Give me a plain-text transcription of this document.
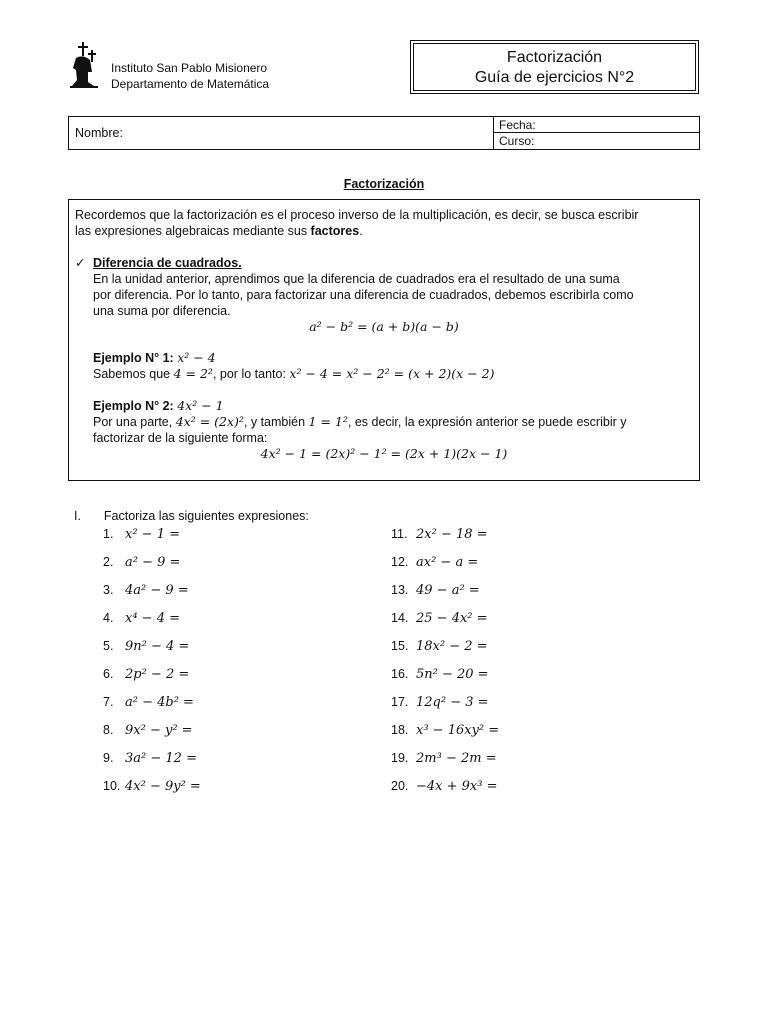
Instituto San Pablo Misionero
Departamento de Matemática
Factorización
Guía de ejercicios N°2
Nombre:
Fecha:
Curso:
Factorización
Recordemos que la factorización es el proceso inverso de la multiplicación, es decir, se busca escribir
las expresiones algebraicas mediante sus factores.
✓ Diferencia de cuadrados.
En la unidad anterior, aprendimos que la diferencia de cuadrados era el resultado de una suma
por diferencia. Por lo tanto, para factorizar una diferencia de cuadrados, debemos escribirla como
una suma por diferencia.
a² − b² = (a + b)(a − b)
Ejemplo N° 1: x² − 4
Sabemos que 4 = 2², por lo tanto: x² − 4 = x² − 2² = (x + 2)(x − 2)
Ejemplo N° 2: 4x² − 1
Por una parte, 4x² = (2x)², y también 1 = 1², es decir, la expresión anterior se puede escribir y
factorizar de la siguiente forma:
4x² − 1 = (2x)² − 1² = (2x + 1)(2x − 1)
I. Factoriza las siguientes expresiones:
1. x² − 1 =
2. a² − 9 =
3. 4a² − 9 =
4. x⁴ − 4 =
5. 9n² − 4 =
6. 2p² − 2 =
7. a² − 4b² =
8. 9x² − y² =
9. 3a² − 12 =
10. 4x² − 9y² =
11. 2x² − 18 =
12. ax² − a =
13. 49 − a² =
14. 25 − 4x² =
15. 18x² − 2 =
16. 5n² − 20 =
17. 12q² − 3 =
18. x³ − 16xy² =
19. 2m³ − 2m =
20. −4x + 9x³ =
